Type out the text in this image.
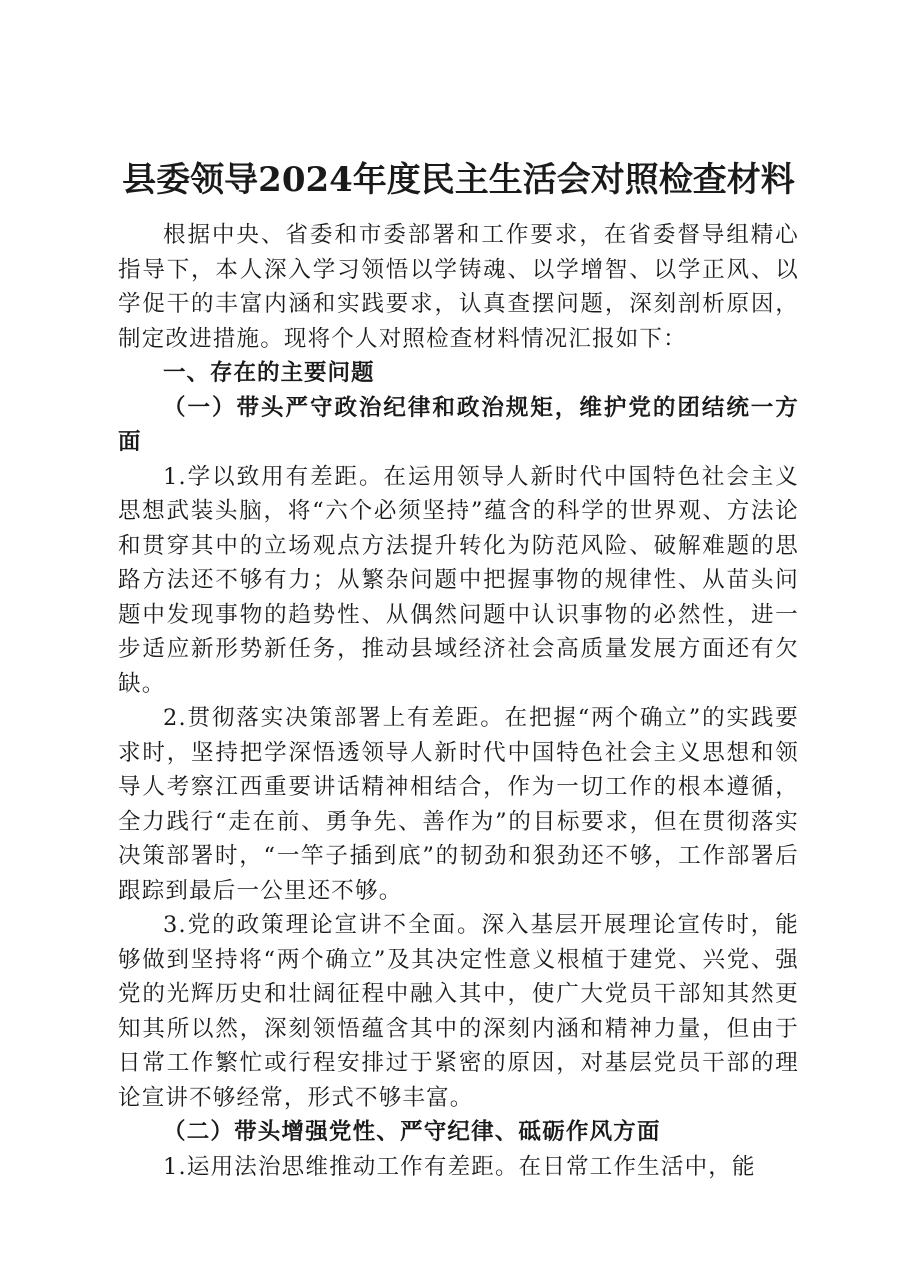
县委领导2024年度民主生活会对照检查材料

根据中央、省委和市委部署和工作要求，在省委督导组精心指导下，本人深入学习领悟以学铸魂、以学增智、以学正风、以学促干的丰富内涵和实践要求，认真查摆问题，深刻剖析原因，制定改进措施。现将个人对照检查材料情况汇报如下：

一、存在的主要问题

（一）带头严守政治纪律和政治规矩，维护党的团结统一方面

1.学以致用有差距。在运用领导人新时代中国特色社会主义思想武装头脑，将“六个必须坚持”蕴含的科学的世界观、方法论和贯穿其中的立场观点方法提升转化为防范风险、破解难题的思路方法还不够有力；从繁杂问题中把握事物的规律性、从苗头问题中发现事物的趋势性、从偶然问题中认识事物的必然性，进一步适应新形势新任务，推动县域经济社会高质量发展方面还有欠缺。

2.贯彻落实决策部署上有差距。在把握“两个确立”的实践要求时，坚持把学深悟透领导人新时代中国特色社会主义思想和领导人考察江西重要讲话精神相结合，作为一切工作的根本遵循，全力践行“走在前、勇争先、善作为”的目标要求，但在贯彻落实决策部署时，“一竿子插到底”的韧劲和狠劲还不够，工作部署后跟踪到最后一公里还不够。

3.党的政策理论宣讲不全面。深入基层开展理论宣传时，能够做到坚持将“两个确立”及其决定性意义根植于建党、兴党、强党的光辉历史和壮阔征程中融入其中，使广大党员干部知其然更知其所以然，深刻领悟蕴含其中的深刻内涵和精神力量，但由于日常工作繁忙或行程安排过于紧密的原因，对基层党员干部的理论宣讲不够经常，形式不够丰富。

（二）带头增强党性、严守纪律、砥砺作风方面

1.运用法治思维推动工作有差距。在日常工作生活中，能
